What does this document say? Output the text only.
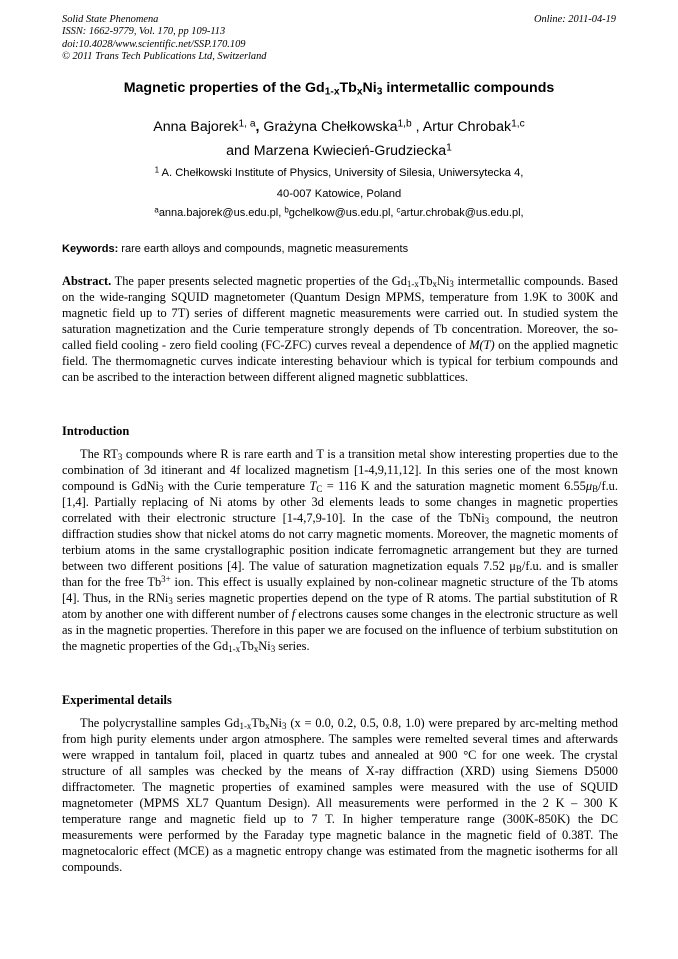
Solid State Phenomena
ISSN: 1662-9779, Vol. 170, pp 109-113
doi:10.4028/www.scientific.net/SSP.170.109
© 2011 Trans Tech Publications Ltd, Switzerland
Online: 2011-04-19
Magnetic properties of the $Gd_{1-x}Tb_xNi_3$ intermetallic compounds
Anna Bajorek$^{1, a}$, Grażyna Chełkowska$^{1,b}$ , Artur Chrobak$^{1,c}$
and Marzena Kwiecień-Grudziecka$^1$
$^1$ A. Chełkowski Institute of Physics, University of Silesia, Uniwersytecka 4,
40-007 Katowice, Poland
$^a$anna.bajorek@us.edu.pl, $^b$gchelkow@us.edu.pl, $^c$artur.chrobak@us.edu.pl,
Keywords: rare earth alloys and compounds, magnetic measurements
Abstract. The paper presents selected magnetic properties of the $Gd_{1-x}Tb_xNi_3$ intermetallic compounds. Based on the wide-ranging SQUID magnetometer (Quantum Design MPMS, temperature from 1.9K to 300K and magnetic field up to 7T) series of different magnetic measurements were carried out. In studied system the saturation magnetization and the Curie temperature strongly depends of Tb concentration. Moreover, the so-called field cooling - zero field cooling (FC-ZFC) curves reveal a dependence of M(T) on the applied magnetic field. The thermomagnetic curves indicate interesting behaviour which is typical for terbium compounds and can be ascribed to the interaction between different aligned magnetic subblattices.
Introduction
The $RT_3$ compounds where R is rare earth and T is a transition metal show interesting properties due to the combination of 3d itinerant and 4f localized magnetism [1-4,9,11,12]. In this series one of the most known compound is GdNi$_3$ with the Curie temperature $T_C = 116$ K and the saturation magnetic moment $6.55\mu_B/f.u$. [1,4]. Partially replacing of Ni atoms by other 3d elements leads to some changes in magnetic properties correlated with their electronic structure [1-4,7,9-10]. In the case of the TbNi$_3$ compound, the neutron diffraction studies show that nickel atoms do not carry magnetic moments. Moreover, the magnetic moments of terbium atoms in the same crystallographic position indicate ferromagnetic arrangement but they are turned between two different positions [4]. The value of saturation magnetization equals 7.52 $\mu_B/f.u$. and is smaller than for the free $Tb^{3+}$ ion. This effect is usually explained by non-colinear magnetic structure of the Tb atoms [4]. Thus, in the RNi$_3$ series magnetic properties depend on the type of R atoms. The partial substitution of R atom by another one with different number of f electrons causes some changes in the electronic structure as well as in the magnetic properties. Therefore in this paper we are focused on the influence of terbium substitution on the magnetic properties of the $Gd_{1-x}Tb_xNi_3$ series.
Experimental details
The polycrystalline samples $Gd_{1-x}Tb_xNi_3$ (x = 0.0, 0.2, 0.5, 0.8, 1.0) were prepared by arc-melting method from high purity elements under argon atmosphere. The samples were remelted several times and afterwards were wrapped in tantalum foil, placed in quartz tubes and annealed at 900 °C for one week. The crystal structure of all samples was checked by the means of X-ray diffraction (XRD) using Siemens D5000 diffractometer. The magnetic properties of examined samples were measured with the use of SQUID magnetometer (MPMS XL7 Quantum Design). All measurements were performed in the 2 K – 300 K temperature range and magnetic field up to 7 T. In higher temperature range (300K-850K) the DC measurements were performed by the Faraday type magnetic balance in the magnetic field of 0.38T. The magnetocaloric effect (MCE) as a magnetic entropy change was estimated from the magnetic isotherms for all compounds.
